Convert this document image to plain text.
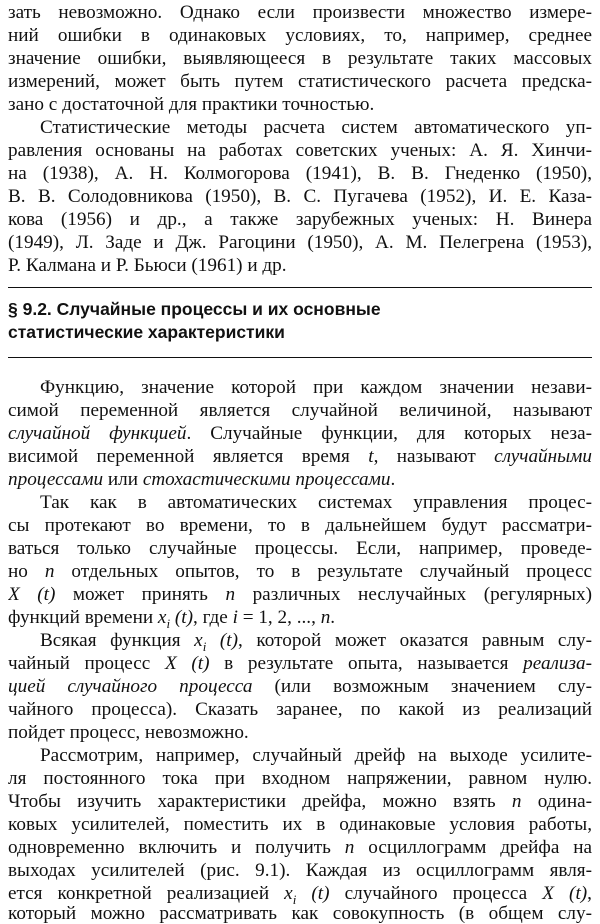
зать невозможно. Однако если произвести множество измере-
ний ошибки в одинаковых условиях, то, например, среднее
значение ошибки, выявляющееся в результате таких массовых
измерений, может быть путем статистического расчета предска-
зано с достаточной для практики точностью.
Статистические методы расчета систем автоматического уп-
равления основаны на работах советских ученых: А. Я. Хинчи-
на (1938), А. Н. Колмогорова (1941), В. В. Гнеденко (1950),
В. В. Солодовникова (1950), В. С. Пугачева (1952), И. Е. Каза-
кова (1956) и др., а также зарубежных ученых: Н. Винера
(1949), Л. Заде и Дж. Рагоцини (1950), А. М. Пелегрена (1953),
Р. Калмана и Р. Бьюси (1961) и др.
§ 9.2. Случайные процессы и их основные
статистические характеристики
Функцию, значение которой при каждом значении незави-
симой переменной является случайной величиной, называют
случайной функцией. Случайные функции, для которых неза-
висимой переменной является время t, называют случайными
процессами или стохастическими процессами.
Так как в автоматических системах управления процес-
сы протекают во времени, то в дальнейшем будут рассматри-
ваться только случайные процессы. Если, например, проведе-
но n отдельных опытов, то в результате случайный процесс
X (t) может принять n различных неслучайных (регулярных)
функций времени $x_i$ (t), где i = 1, 2, ..., n.
Всякая функция $x_i$ (t), которой может оказатся равным слу-
чайный процесс X (t) в результате опыта, называется реализа-
цией случайного процесса (или возможным значением слу-
чайного процесса). Сказать заранее, по какой из реализаций
пойдет процесс, невозможно.
Рассмотрим, например, случайный дрейф на выходе усилите-
ля постоянного тока при входном напряжении, равном нулю.
Чтобы изучить характеристики дрейфа, можно взять n одина-
ковых усилителей, поместить их в одинаковые условия работы,
одновременно включить и получить n осциллограмм дрейфа на
выходах усилителей (рис. 9.1). Каждая из осциллограмм явля-
ется конкретной реализацией $x_i$ (t) случайного процесса X (t),
который можно рассматривать как совокупность (в общем слу-
